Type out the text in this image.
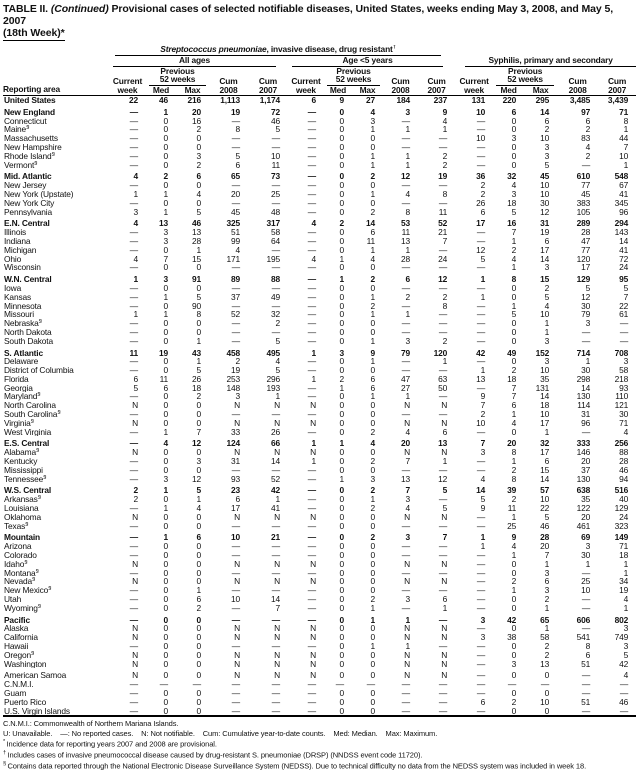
TABLE II. (Continued) Provisional cases of selected notifiable diseases, United States, weeks ending May 3, 2008, and May 5, 2007
(18th Week)*
Reporting area	Streptococcus pneumoniae, invasive disease, drug resistant†

	All ages					Age <5 years					Syphilis, primary and secondary				

Current
week

Previous
52 weeks	Cum
2008

Cum
2007

Current
week

Previous
52 weeks	Cum
2008

Cum
2007

Current
week

Previous
52 weeks	Cum
2008

Cum
2007

		Med	Max				Med	Max				Med	Max		
United States	22	46	216	1,113	1,174	6	9	27	184	237	131	220	295	3,485	3,439

New England	—	1	20	19	72	—	0	4	3	9	10	6	14	97	71
Connecticut	—	0	16	—	46	—	0	3	—	4	—	0	6	6	8
Maine§	—	0	2	8	5	—	0	1	1	1	—	0	2	2	1
Massachusetts	—	0	0	—	—	—	0	0	—	—	10	3	10	83	44
New Hampshire	—	0	0	—	—	—	0	0	—	—	—	0	3	4	7
Rhode Island§	—	0	3	5	10	—	0	1	1	2	—	0	3	2	10
Vermont§	—	0	2	6	11	—	0	1	1	2	—	0	5	—	1

Mid. Atlantic	4	2	6	65	73	—	0	2	12	19	36	32	45	610	548
New Jersey	—	0	0	—	—	—	0	0	—	—	2	4	10	77	67
New York (Upstate)	1	1	4	20	25	—	0	1	4	8	2	3	10	45	41
New York City	—	0	0	—	—	—	0	0	—	—	26	18	30	383	345
Pennsylvania	3	1	5	45	48	—	0	2	8	11	6	5	12	105	96

E.N. Central	4	13	46	325	317	4	2	14	53	52	17	16	31	289	294
Illinois	—	3	13	51	58	—	0	6	11	21	—	7	19	28	143
Indiana	—	3	28	99	64	—	0	11	13	7	—	1	6	47	14
Michigan	—	0	1	4	—	—	0	1	1	—	12	2	17	77	41
Ohio	4	7	15	171	195	4	1	4	28	24	5	4	14	120	72
Wisconsin	—	0	0	—	—	—	0	0	—	—	—	1	3	17	24

W.N. Central	1	3	91	89	88	—	1	2	6	12	1	8	15	129	95
Iowa	—	0	0	—	—	—	0	0	—	—	—	0	2	5	5
Kansas	—	1	5	37	49	—	0	1	2	2	1	0	5	12	7
Minnesota	—	0	90	—	—	—	0	2	—	8	—	1	4	30	22
Missouri	1	1	8	52	32	—	0	1	1	—	—	5	10	79	61
Nebraska§	—	0	0	—	2	—	0	0	—	—	—	0	1	3	—
North Dakota	—	0	0	—	—	—	0	0	—	—	—	0	1	—	—
South Dakota	—	0	1	—	5	—	0	1	3	2	—	0	3	—	—

S. Atlantic	11	19	43	458	495	1	3	9	79	120	42	49	152	714	708
Delaware	—	0	1	2	4	—	0	1	—	1	—	0	3	1	3
District of Columbia	—	0	5	19	5	—	0	0	—	—	1	2	10	30	58
Florida	6	11	26	253	296	1	2	6	47	63	13	18	35	298	218
Georgia	5	6	18	148	193	—	1	6	27	50	—	7	131	14	93
Maryland§	—	0	2	3	1	—	0	1	1	—	9	7	14	130	110
North Carolina	N	0	0	N	N	N	0	0	N	N	7	6	18	114	121
South Carolina§	—	0	0	—	—	—	0	0	—	—	2	1	10	31	30
Virginia§	N	0	0	N	N	N	0	0	N	N	10	4	17	96	71
West Virginia	—	1	7	33	26	—	0	2	4	6	—	0	1	—	4

E.S. Central	—	4	12	124	66	1	1	4	20	13	7	20	32	333	256
Alabama§	N	0	0	N	N	N	0	0	N	N	3	8	17	146	88
Kentucky	—	0	3	31	14	1	0	2	7	1	—	1	6	20	28
Mississippi	—	0	0	—	—	—	0	0	—	—	—	2	15	37	46
Tennessee§	—	3	12	93	52	—	1	3	13	12	4	8	14	130	94

W.S. Central	2	1	5	23	42	—	0	2	7	5	14	39	57	638	516
Arkansas§	2	0	1	6	1	—	0	1	3	—	5	2	10	35	40
Louisiana	—	1	4	17	41	—	0	2	4	5	9	11	22	122	129
Oklahoma	N	0	0	N	N	N	0	0	N	N	—	1	5	20	24
Texas§	—	0	0	—	—	—	0	0	—	—	—	25	46	461	323

Mountain	—	1	6	10	21	—	0	2	3	7	1	9	28	69	149
Arizona	—	0	0	—	—	—	0	0	—	—	1	4	20	3	71
Colorado	—	0	0	—	—	—	0	0	—	—	—	1	7	30	18
Idaho§	N	0	0	N	N	N	0	0	N	N	—	0	1	1	1
Montana§	—	0	0	—	—	—	0	0	—	—	—	0	3	—	1
Nevada§	N	0	0	N	N	N	0	0	N	N	—	2	6	25	34
New Mexico§	—	0	1	—	—	—	0	0	—	—	—	1	3	10	19
Utah	—	0	6	10	14	—	0	2	3	6	—	0	2	—	4
Wyoming§	—	0	2	—	7	—	0	1	—	1	—	0	1	—	1

Pacific	—	0	0	—	—	—	0	1	1	—	3	42	65	606	802
Alaska	N	0	0	N	N	N	0	0	N	N	—	0	1	—	3
California	N	0	0	N	N	N	0	0	N	N	3	38	58	541	749
Hawaii	—	0	0	—	—	—	0	1	1	—	—	0	2	8	3
Oregon§	N	0	0	N	N	N	0	0	N	N	—	0	2	6	5
Washington	N	0	0	N	N	N	0	0	N	N	—	3	13	51	42

American Samoa	N	0	0	N	N	N	0	0	N	N	—	0	0	—	4
C.N.M.I.	—	—	—	—	—	—	—	—	—	—	—	—	—	—	—
Guam	—	0	0	—	—	—	0	0	—	—	—	0	0	—	—
Puerto Rico	—	0	0	—	—	—	0	0	—	—	6	2	10	51	46
U.S. Virgin Islands	—	0	0	—	—	—	0	0	—	—	—	0	0	—	—
C.N.M.I.: Commonwealth of Northern Mariana Islands.
U: Unavailable.    —: No reported cases.    N: Not notifiable.    Cum: Cumulative year-to-date counts.    Med: Median.    Max: Maximum.
* Incidence data for reporting years 2007 and 2008 are provisional.
† Includes cases of invasive pneumococcal disease caused by drug-resistant S. pneumoniae (DRSP) (NNDSS event code 11720).
§ Contains data reported through the National Electronic Disease Surveillance System (NEDSS). Due to technical difficulty no data from the NEDSS system was included in week 18.
